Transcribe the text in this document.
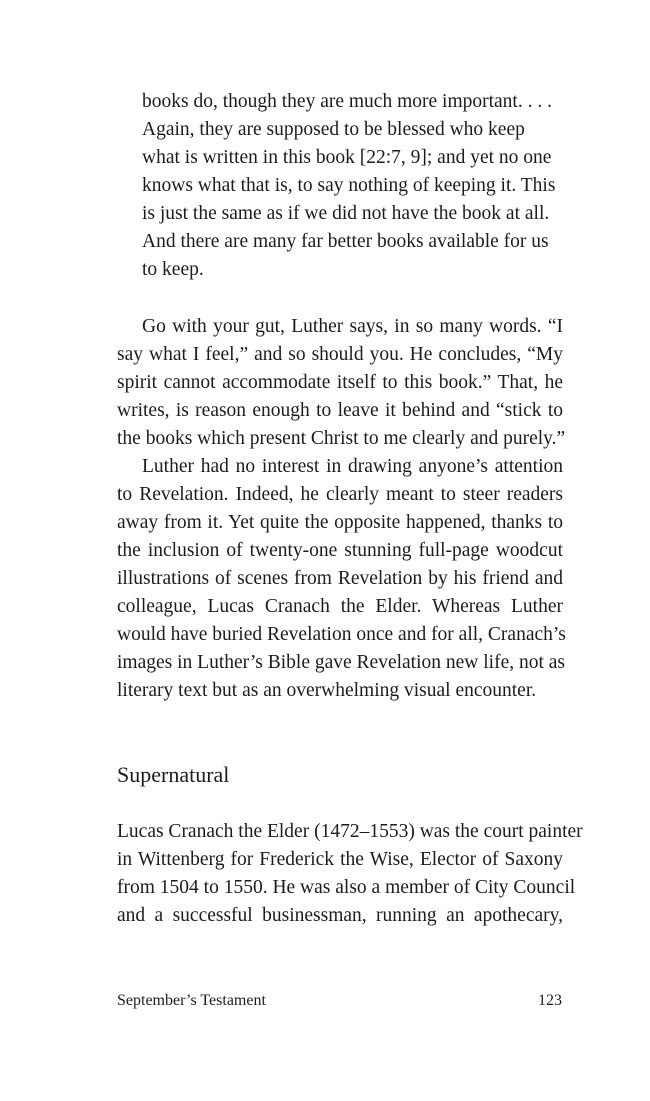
books do, though they are much more important. . . .
Again, they are supposed to be blessed who keep
what is written in this book [22:7, 9]; and yet no one
knows what that is, to say nothing of keeping it. This
is just the same as if we did not have the book at all.
And there are many far better books available for us
to keep.

Go with your gut, Luther says, in so many words. “I
say what I feel,” and so should you. He concludes, “My
spirit cannot accommodate itself to this book.” That, he
writes, is reason enough to leave it behind and “stick to
the books which present Christ to me clearly and purely.”

Luther had no interest in drawing anyone’s attention
to Revelation. Indeed, he clearly meant to steer readers
away from it. Yet quite the opposite happened, thanks to
the inclusion of twenty-one stunning full-page woodcut
illustrations of scenes from Revelation by his friend and
colleague, Lucas Cranach the Elder. Whereas Luther
would have buried Revelation once and for all, Cranach’s
images in Luther’s Bible gave Revelation new life, not as
literary text but as an overwhelming visual encounter.

Supernatural

Lucas Cranach the Elder (1472–1553) was the court painter
in Wittenberg for Frederick the Wise, Elector of Saxony
from 1504 to 1550. He was also a member of City Council
and a successful businessman, running an apothecary,

September’s Testament	123
